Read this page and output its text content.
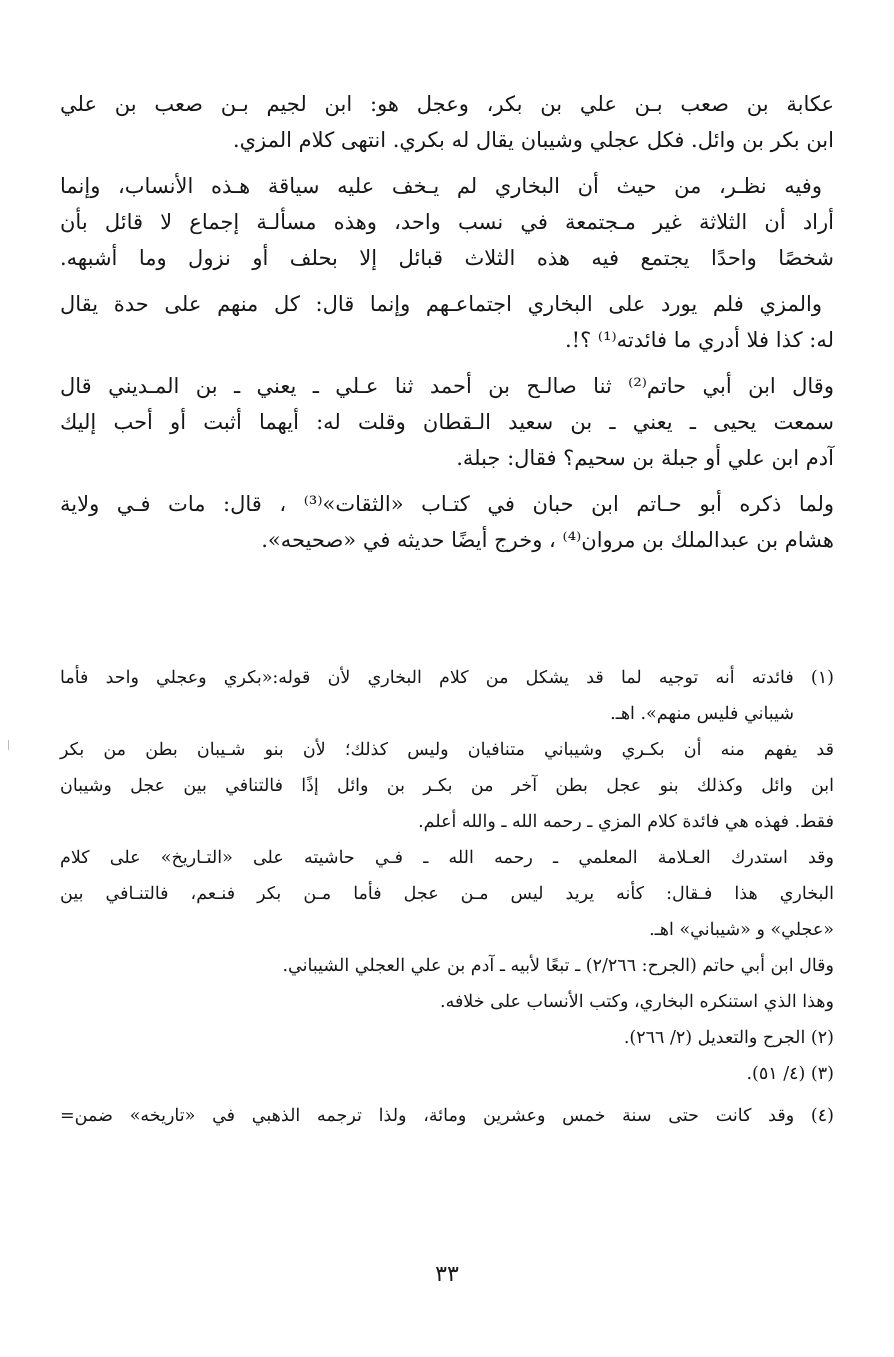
عكابة بن صعب بـن علي بن بكر، وعجل هو: ابن لجيم بـن صعب بن علي
ابن بكر بن وائل. فكل عجلي وشيبان يقال له بكري. انتهى كلام المزي.
وفيه نظـر، من حيث أن البخاري لم يـخف عليه سياقة هـذه الأنساب، وإنما
أراد أن الثلاثة غير مـجتمعة في نسب واحد، وهذه مسألـة إجماع لا قائل بأن
شخصًا واحدًا يجتمع فيه هذه الثلاث قبائل إلا بحلف أو نزول وما أشبهه.
والمزي فلم يورد على البخاري اجتماعـهم وإنما قال: كل منهم على حدة يقال
له: كذا فلا أدري ما فائدته⁽¹⁾ ؟!.
وقال ابن أبي حاتم⁽²⁾ ثنا صالـح بن أحمد ثنا عـلي ـ يعني ـ بن المـديني قال
سمعت يحيى ـ يعني ـ بن سعيد الـقطان وقلت له: أيهما أثبت أو أحب إليك
آدم ابن علي أو جبلة بن سحيم؟ فقال: جبلة.
ولما ذكره أبو حـاتم ابن حبان في كتـاب «الثقات»⁽³⁾ ، قال: مات فـي ولاية
هشام بن عبدالملك بن مروان⁽⁴⁾ ، وخرج أيضًا حديثه في «صحيحه».
(١) فائدته أنه توجيه لما قد يشكل من كلام البخاري لأن قوله:«بكري وعجلي واحد فأما
شيباني فليس منهم». اهـ.
قد يفهم منه أن بكـري وشيباني متنافيان وليس كذلك؛ لأن بنو شـيبان بطن من بكر
ابن وائل وكذلك بنو عجل بطن آخر من بكـر بن وائل إذًا فالتنافي بين عجل وشيبان
فقط. فهذه هي فائدة كلام المزي ـ رحمه الله ـ والله أعلم.
وقد استدرك العـلامة المعلمي ـ رحمه الله ـ فـي حاشيته على «التـاريخ» على كلام
البخاري هذا فـقال: كأنه يريد ليس مـن عجل فأما مـن بكر فنـعم، فالتنـافي بين
«عجلي» و «شيباني» اهـ.
وقال ابن أبي حاتم (الجرح: ٢/٢٦٦) ـ تبعًا لأبيه ـ آدم بن علي العجلي الشيباني.
وهذا الذي استنكره البخاري، وكتب الأنساب على خلافه.
(٢) الجرح والتعديل (٢/ ٢٦٦).
(٣) (٤/ ٥١).
(٤) وقد كانت حتى سنة خمس وعشرين ومائة، ولذا ترجمه الذهبي في «تاريخه» ضمن=
٣٣
